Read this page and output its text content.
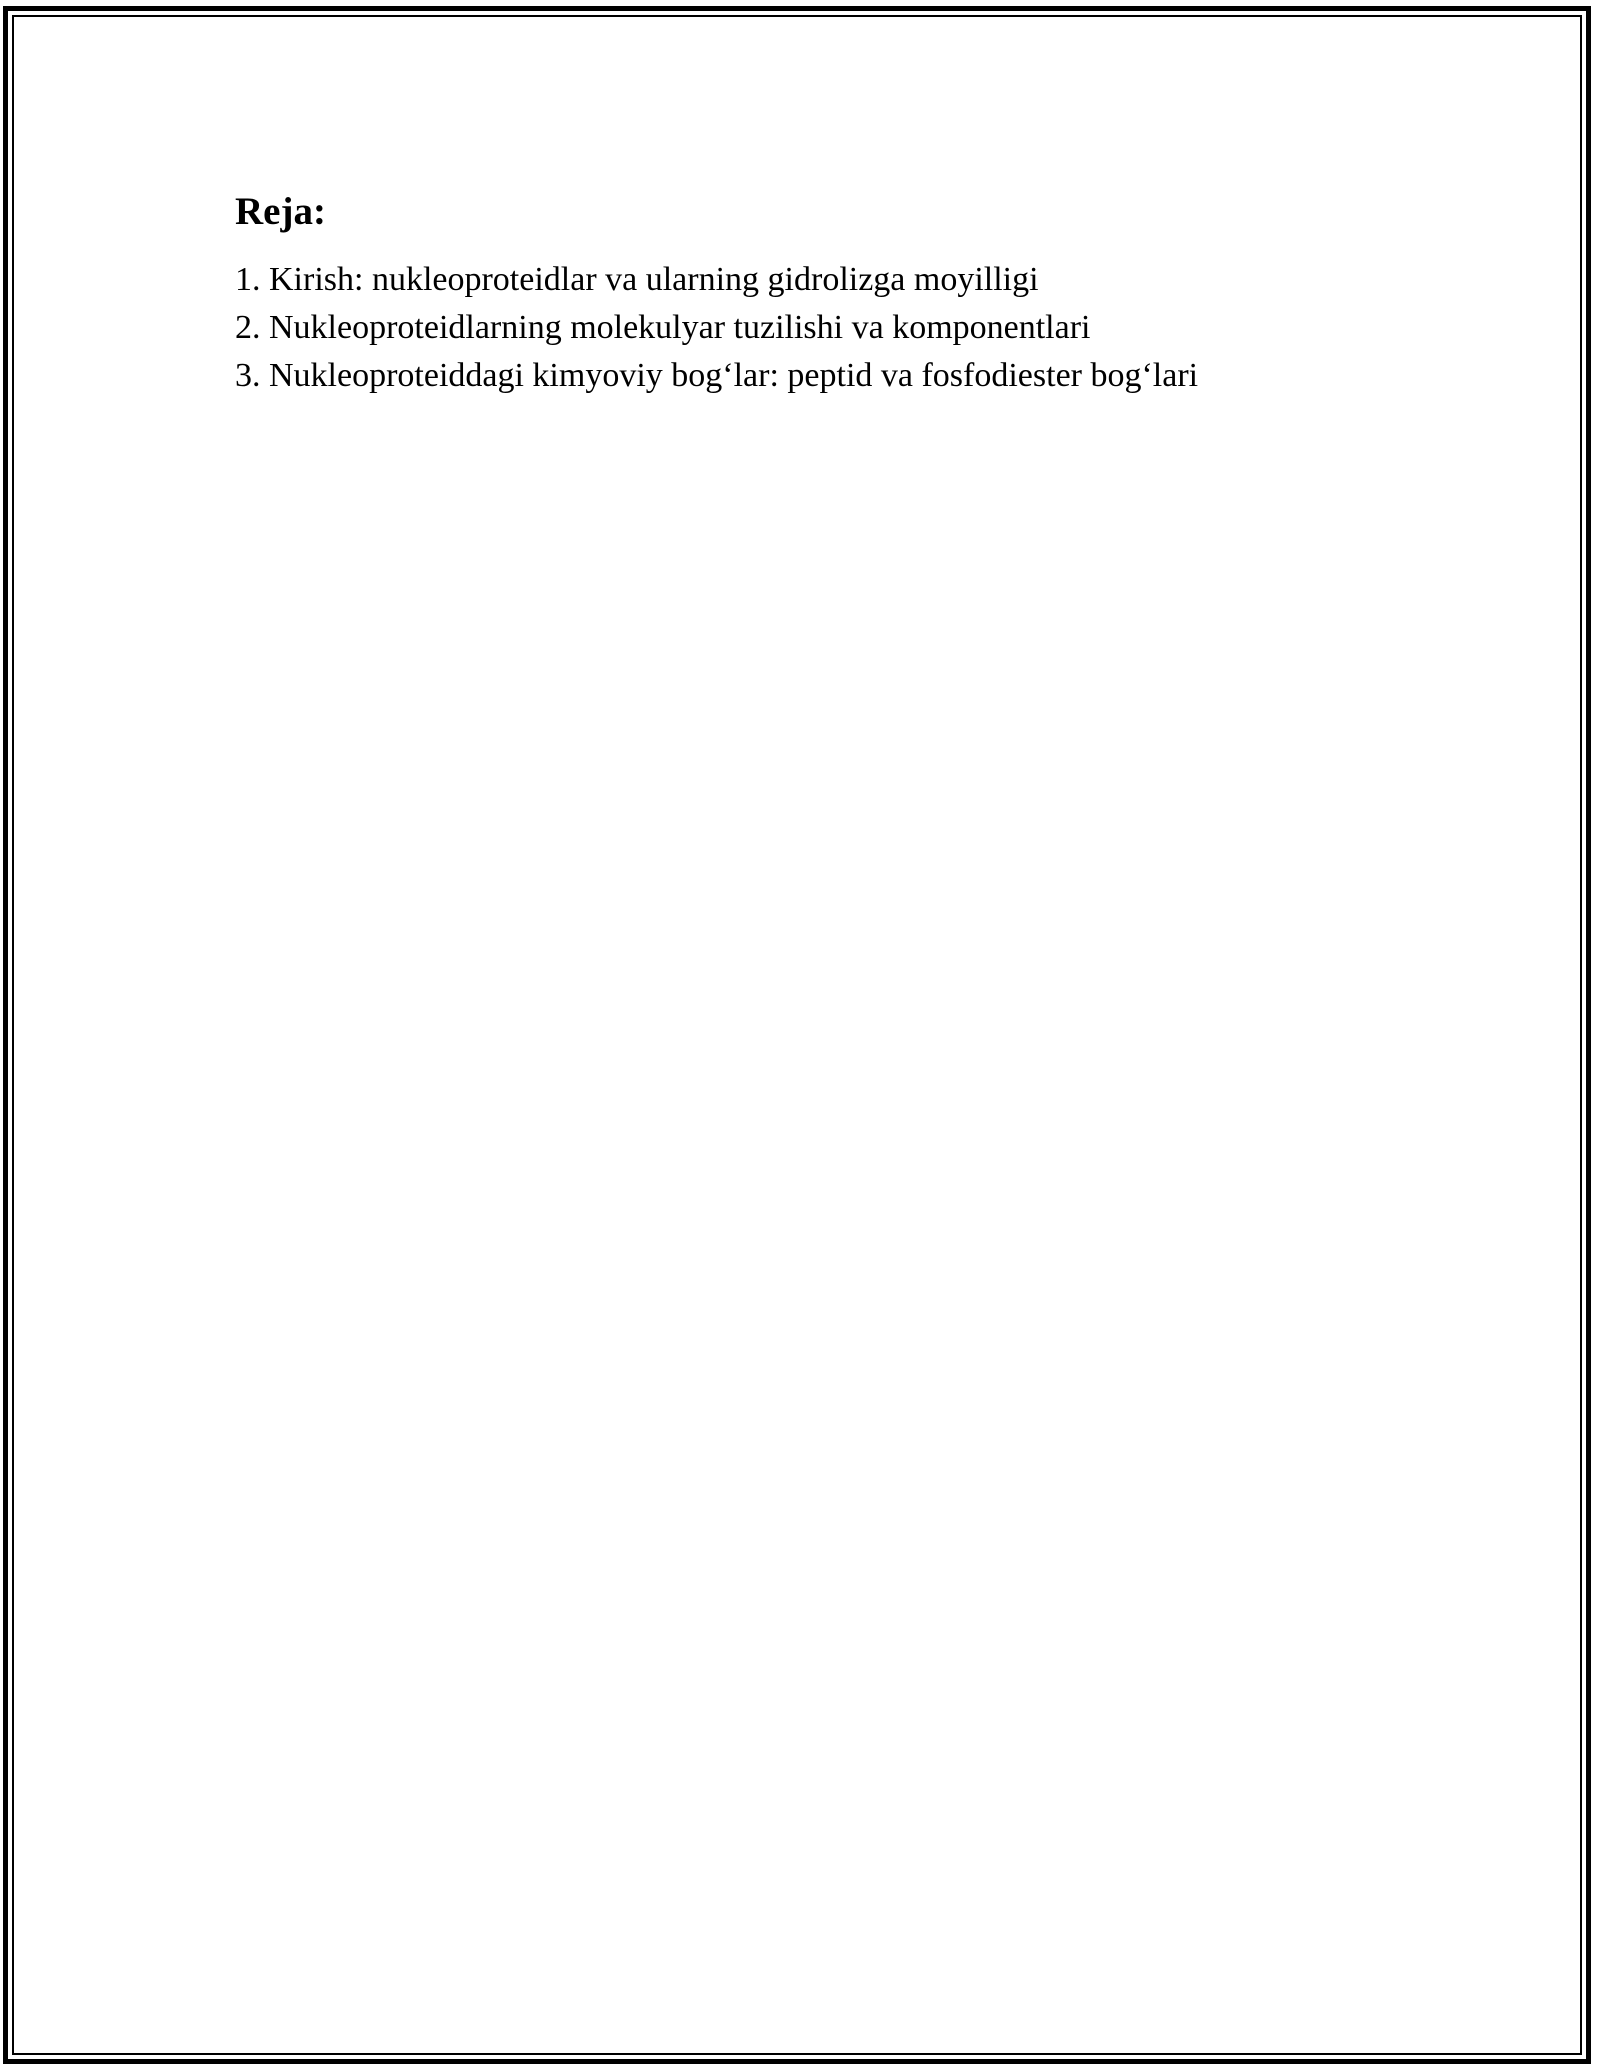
Reja:
1. Kirish: nukleoproteidlar va ularning gidrolizga moyilligi
2. Nukleoproteidlarning molekulyar tuzilishi va komponentlari
3. Nukleoproteiddagi kimyoviy bog‘lar: peptid va fosfodiester bog‘lari
